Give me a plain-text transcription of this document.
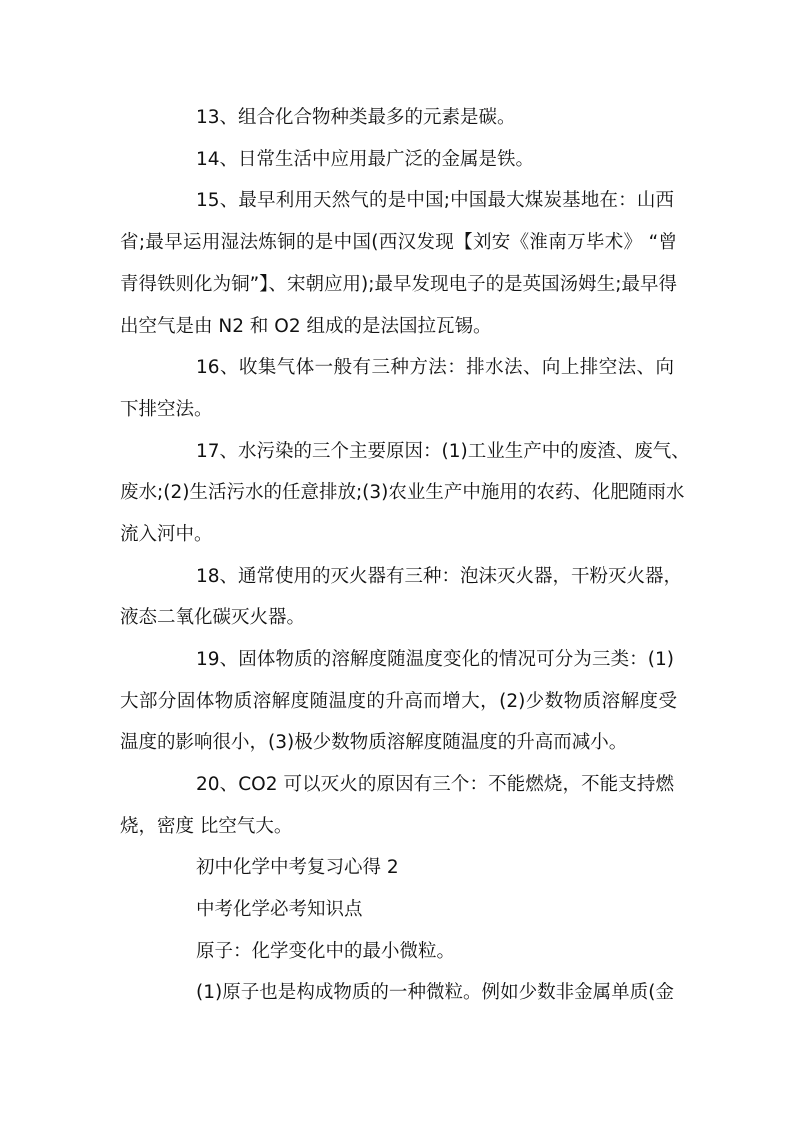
13、组合化合物种类最多的元素是碳。
14、日常生活中应用最广泛的金属是铁。
15、最早利用天然气的是中国;中国最大煤炭基地在：山西
省;最早运用湿法炼铜的是中国(西汉发现【刘安《淮南万毕术》 “曾
青得铁则化为铜”】、宋朝应用);最早发现电子的是英国汤姆生;最早得
出空气是由 N2 和 O2 组成的是法国拉瓦锡。
16、收集气体一般有三种方法：排水法、向上排空法、向
下排空法。
17、水污染的三个主要原因：(1)工业生产中的废渣、废气、
废水;(2)生活污水的任意排放;(3)农业生产中施用的农药、化肥随雨水
流入河中。
18、通常使用的灭火器有三种：泡沫灭火器，干粉灭火器，
液态二氧化碳灭火器。
19、固体物质的溶解度随温度变化的情况可分为三类：(1)
大部分固体物质溶解度随温度的升高而增大，(2)少数物质溶解度受
温度的影响很小，(3)极少数物质溶解度随温度的升高而减小。
20、CO2 可以灭火的原因有三个：不能燃烧，不能支持燃
烧，密度 比空气大。
初中化学中考复习心得 2
中考化学必考知识点
原子：化学变化中的最小微粒。
(1)原子也是构成物质的一种微粒。例如少数非金属单质(金
